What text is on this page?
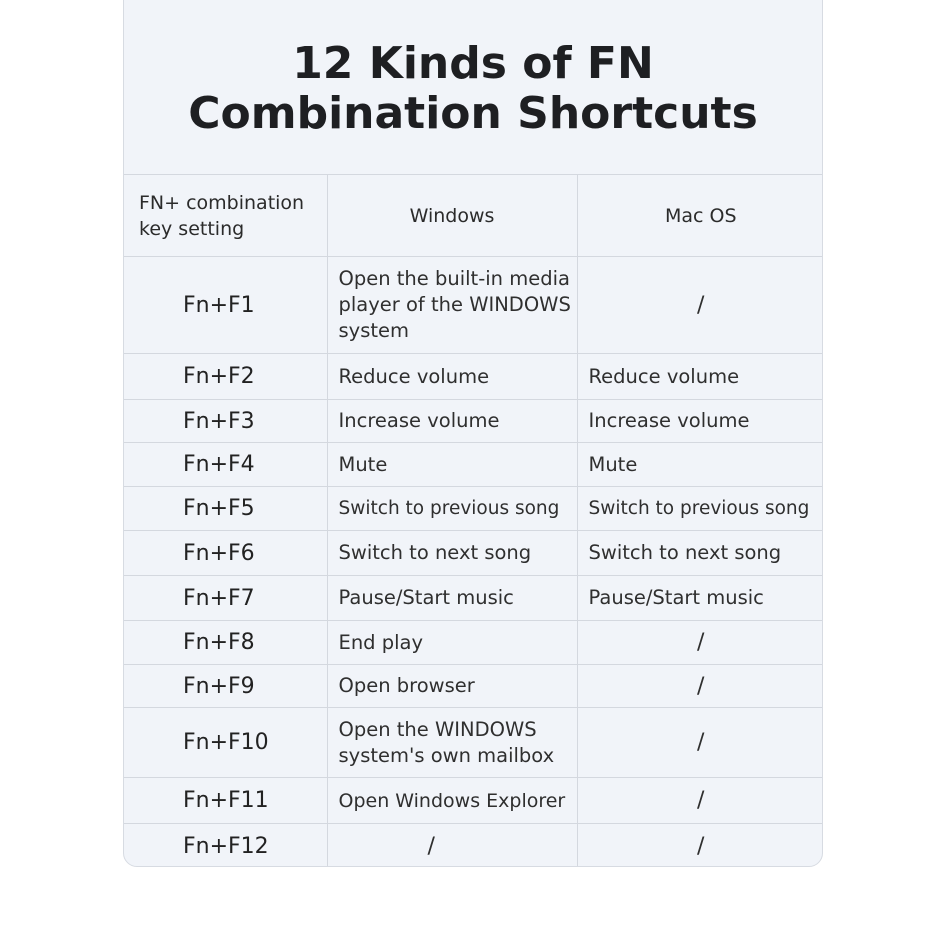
12 Kinds of FN
Combination Shortcuts
FN+ combination key setting	Windows	Mac OS
Fn+F1	Open the built-in media player of the WINDOWS system	/
Fn+F2	Reduce volume	Reduce volume
Fn+F3	Increase volume	Increase volume
Fn+F4	Mute	Mute
Fn+F5	Switch to previous song	Switch to previous song
Fn+F6	Switch to next song	Switch to next song
Fn+F7	Pause/Start music	Pause/Start music
Fn+F8	End play	/
Fn+F9	Open browser	/
Fn+F10	Open the WINDOWS system's own mailbox	/
Fn+F11	Open Windows Explorer	/
Fn+F12	/	/
